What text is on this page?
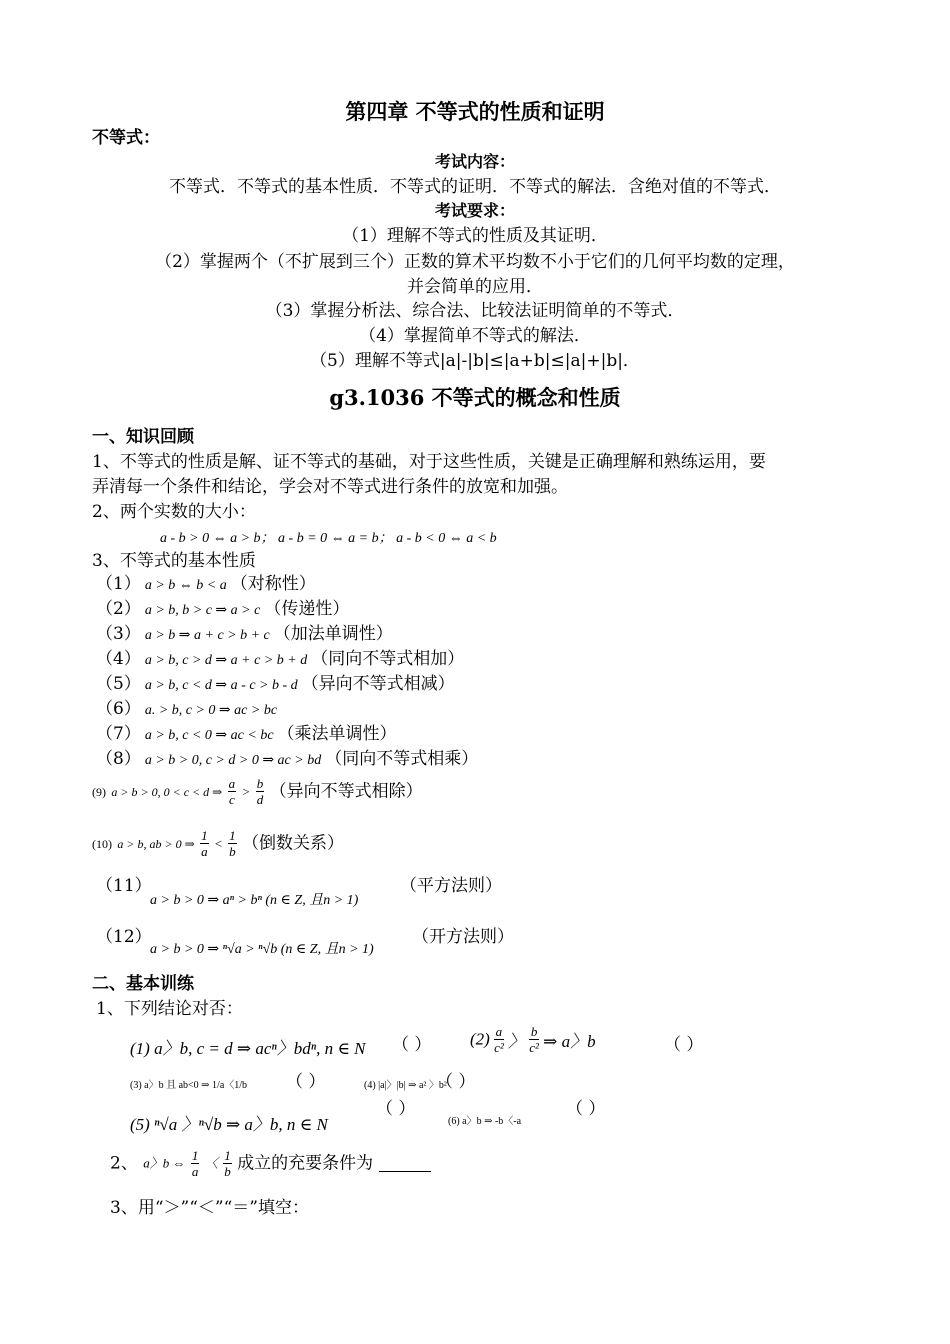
第四章 不等式的性质和证明
不等式：
考试内容：
不等式．不等式的基本性质．不等式的证明．不等式的解法．含绝对值的不等式．
考试要求：
（1）理解不等式的性质及其证明．
（2）掌握两个（不扩展到三个）正数的算术平均数不小于它们的几何平均数的定理，
并会简单的应用．
（3）掌握分析法、综合法、比较法证明简单的不等式．
（4）掌握简单不等式的解法．
（5）理解不等式|a|-|b|≤|a+b|≤|a|+|b|．
g3.1036 不等式的概念和性质
一、知识回顾
1、不等式的性质是解、证不等式的基础，对于这些性质，关键是正确理解和熟练运用，要
弄清每一个条件和结论，学会对不等式进行条件的放宽和加强。
2、两个实数的大小：
a - b > 0 ⇔ a > b； a - b = 0 ⇔ a = b； a - b < 0 ⇔ a < b
3、不等式的基本性质
（1） a > b ⇔ b < a （对称性）
（2） a > b, b > c ⇒ a > c （传递性）
（3） a > b ⇒ a + c > b + c （加法单调性）
（4） a > b, c > d ⇒ a + c > b + d （同向不等式相加）
（5） a > b, c < d ⇒ a - c > b - d （异向不等式相减）
（6） a. > b, c > 0 ⇒ ac > bc
（7） a > b, c < 0 ⇒ ac < bc （乘法单调性）
（8） a > b > 0, c > d > 0 ⇒ ac > bd （同向不等式相乘）
(9) a > b > 0, 0 < c < d ⇒ $\frac{a}{c} > \frac{b}{d}$ （异向不等式相除）
(10) a > b, ab > 0 ⇒ $\frac{1}{a} < \frac{1}{b}$ （倒数关系）
（11）
a > b > 0 ⇒ aⁿ > bⁿ (n ∈ Z, 且n > 1)
（平方法则）
（12）
a > b > 0 ⇒ ⁿ√a > ⁿ√b (n ∈ Z, 且n > 1)
（开方法则）
二、基本训练
1、下列结论对否：
(1) a〉b, c = d ⇒ acⁿ〉bdⁿ, n ∈ N （ ） $(2) \frac{a}{\text{c²}}$ 〉 $\frac{b}{\text{c²}}$ ⇒ a〉b	（ ）
(3) a〉b 且 ab<0 ⇒ 1/a〈1/b （ ）	(4) |a|〉|b| ⇒ a² 〉b²
（ ）
(5) ⁿ√a 〉ⁿ√b ⇒ a〉b, n ∈ N
（ ）
(6) a〉b ⇒ -b〈-a
（ ）
2、 a〉b ⇔ $\frac{1}{a}$ 〈 $\frac{1}{b}$ 成立的充要条件为
3、用“＞”“＜”“＝”填空：
